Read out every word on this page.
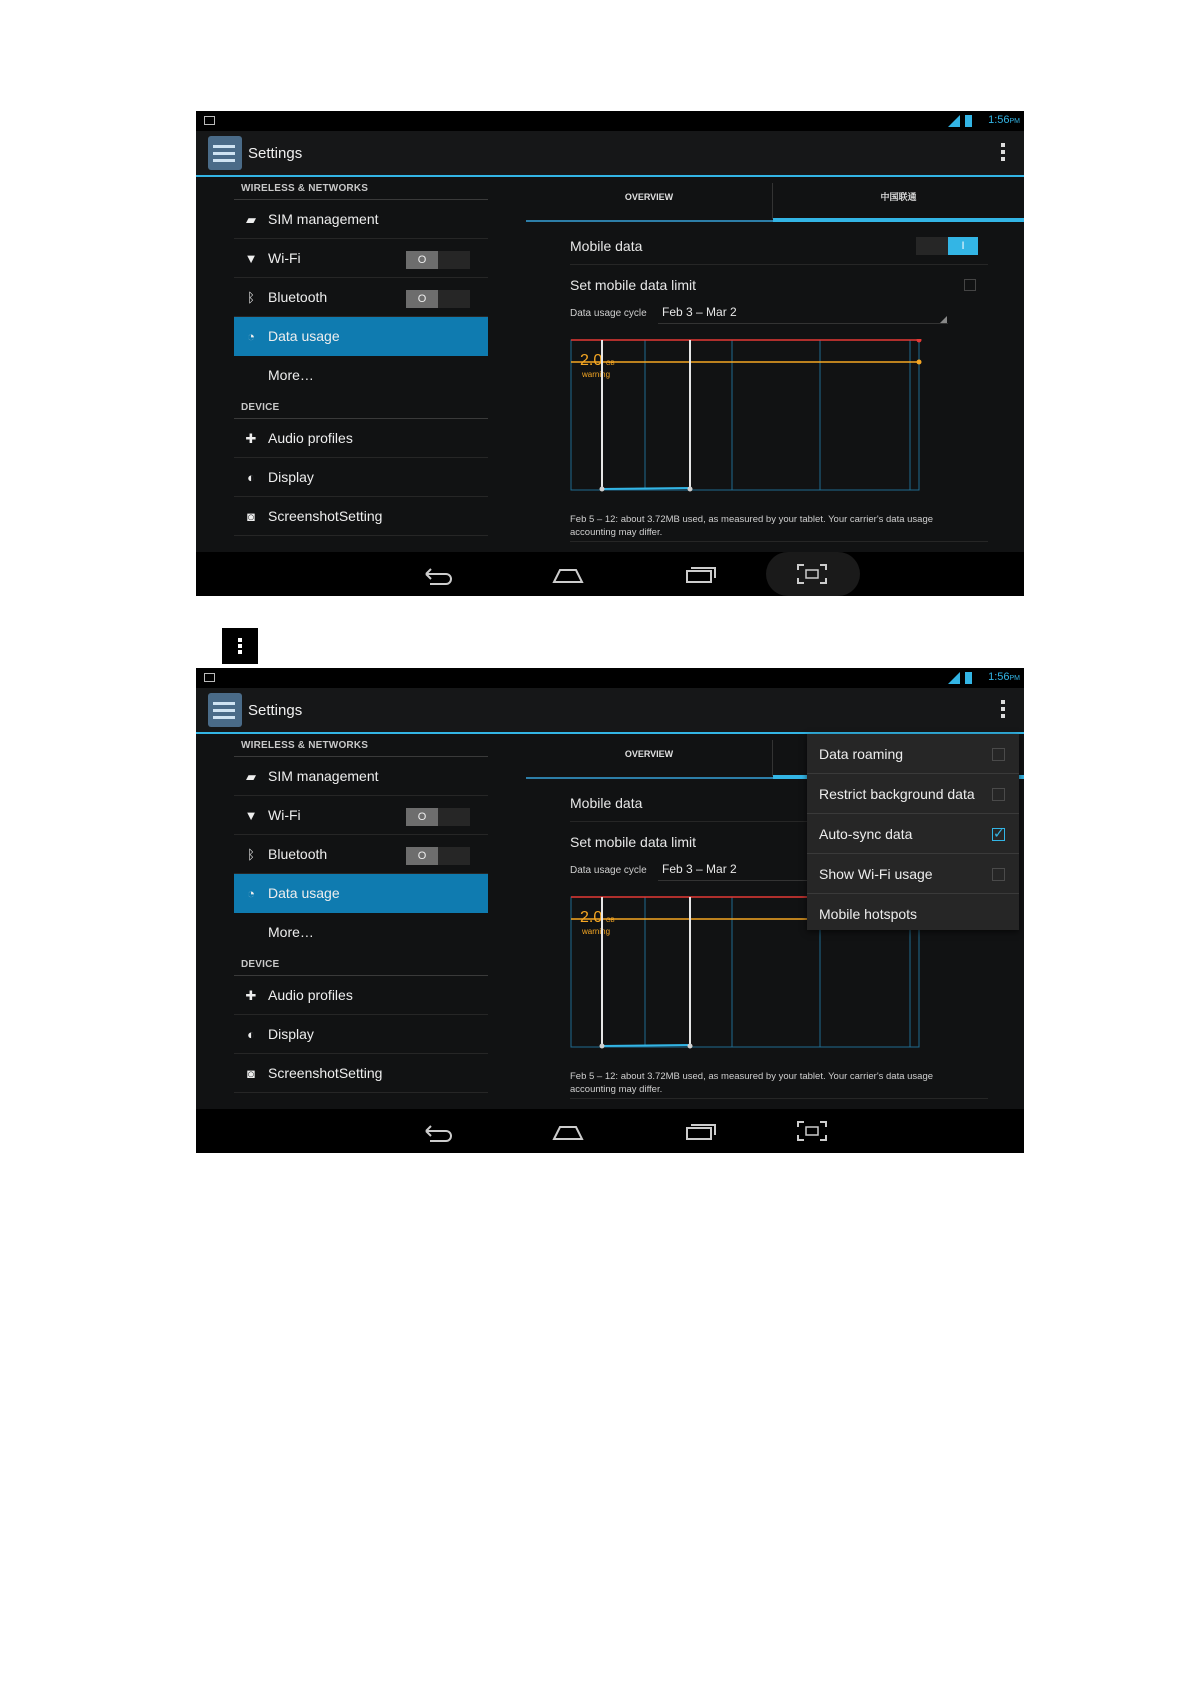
1:56PM
Settings
WIRELESS & NETWORKS
▰ SIM management
▼ Wi-Fi	O
ᛒ Bluetooth	O
◔ Data usage
More…
DEVICE
✚ Audio profiles
◐ Display
◙ ScreenshotSetting
OVERVIEW	中国联通
Mobile data	I
Set mobile data limit
Data usage cycle Feb 3 – Mar 2
2.0 GB
warning
Feb 5 – 12: about 3.72MB used, as measured by your tablet. Your carrier's data usage accounting may differ.
1:56PM
Settings
WIRELESS & NETWORKS
▰ SIM management
▼ Wi-Fi	O
ᛒ Bluetooth	O
◔ Data usage
More…
DEVICE
✚ Audio profiles
◐ Display
◙ ScreenshotSetting
OVERVIEW
Mobile data
Set mobile data limit
Data usage cycle Feb 3 – Mar 2
2.0 GB
warning
Feb 5 – 12: about 3.72MB used, as measured by your tablet. Your carrier's data usage accounting may differ.
Data roaming
Restrict background data
Auto-sync data
✓
Show Wi-Fi usage
Mobile hotspots
